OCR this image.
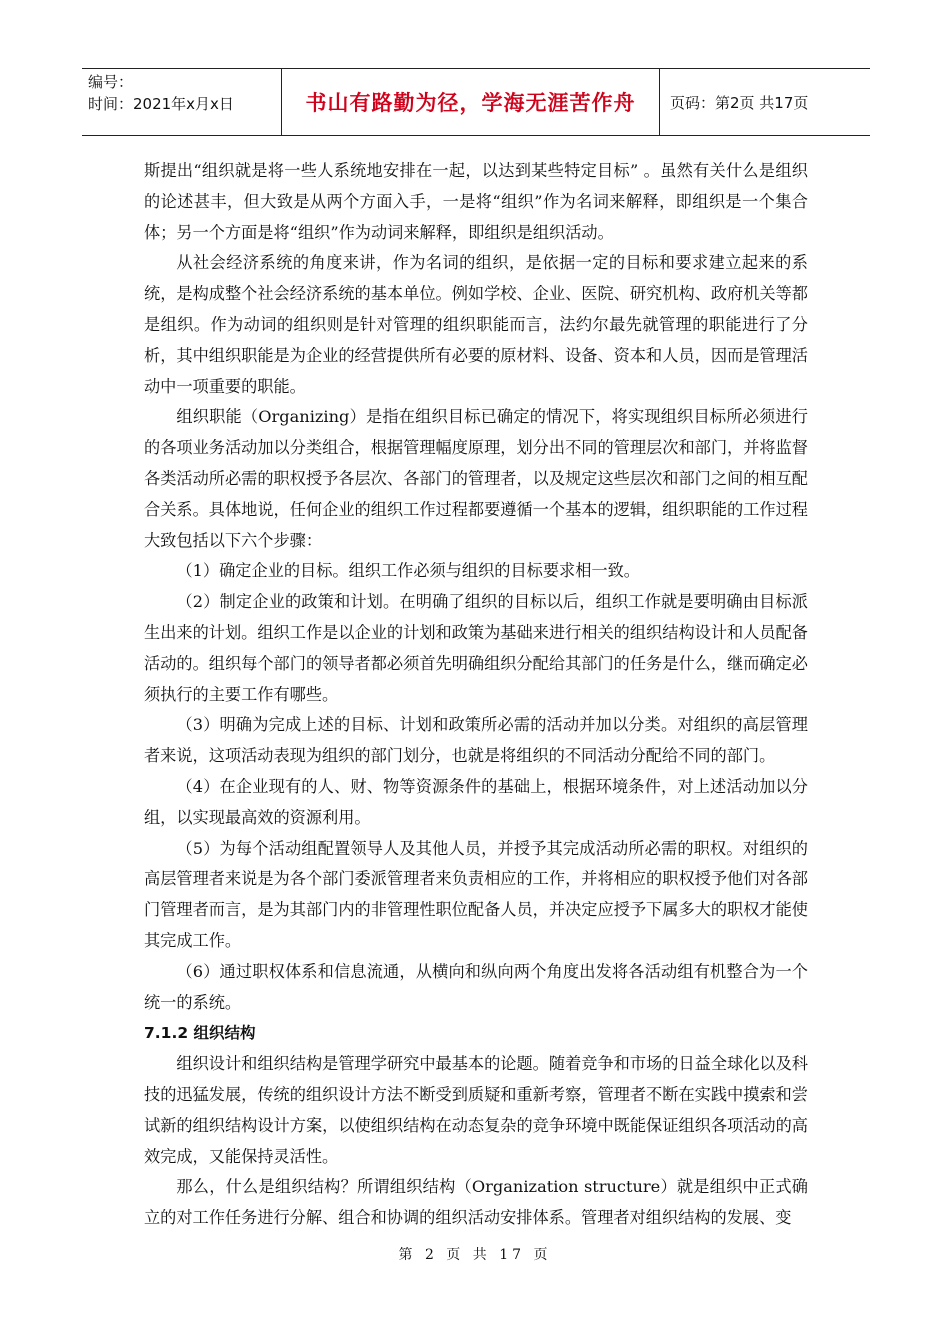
编号：
时间：2021年x月x日	书山有路勤为径，学海无涯苦作舟	页码：第2页 共17页

斯提出“组织就是将一些人系统地安排在一起，以达到某些特定目标” 。虽然有关什么是组织的论述甚丰，但大致是从两个方面入手，一是将“组织”作为名词来解释，即组织是一个集合体；另一个方面是将“组织”作为动词来解释，即组织是组织活动。

从社会经济系统的角度来讲，作为名词的组织，是依据一定的目标和要求建立起来的系统，是构成整个社会经济系统的基本单位。例如学校、企业、医院、研究机构、政府机关等都是组织。作为动词的组织则是针对管理的组织职能而言，法约尔最先就管理的职能进行了分析，其中组织职能是为企业的经营提供所有必要的原材料、设备、资本和人员，因而是管理活动中一项重要的职能。

组织职能（Organizing）是指在组织目标已确定的情况下，将实现组织目标所必须进行的各项业务活动加以分类组合，根据管理幅度原理，划分出不同的管理层次和部门，并将监督各类活动所必需的职权授予各层次、各部门的管理者，以及规定这些层次和部门之间的相互配合关系。具体地说，任何企业的组织工作过程都要遵循一个基本的逻辑，组织职能的工作过程大致包括以下六个步骤：

（1）确定企业的目标。组织工作必须与组织的目标要求相一致。

（2）制定企业的政策和计划。在明确了组织的目标以后，组织工作就是要明确由目标派生出来的计划。组织工作是以企业的计划和政策为基础来进行相关的组织结构设计和人员配备活动的。组织每个部门的领导者都必须首先明确组织分配给其部门的任务是什么，继而确定必须执行的主要工作有哪些。

（3）明确为完成上述的目标、计划和政策所必需的活动并加以分类。对组织的高层管理者来说，这项活动表现为组织的部门划分，也就是将组织的不同活动分配给不同的部门。

（4）在企业现有的人、财、物等资源条件的基础上，根据环境条件，对上述活动加以分组，以实现最高效的资源利用。

（5）为每个活动组配置领导人及其他人员，并授予其完成活动所必需的职权。对组织的高层管理者来说是为各个部门委派管理者来负责相应的工作，并将相应的职权授予他们对各部门管理者而言，是为其部门内的非管理性职位配备人员，并决定应授予下属多大的职权才能使其完成工作。

（6）通过职权体系和信息流通，从横向和纵向两个角度出发将各活动组有机整合为一个统一的系统。

7.1.2 组织结构

组织设计和组织结构是管理学研究中最基本的论题。随着竞争和市场的日益全球化以及科技的迅猛发展，传统的组织设计方法不断受到质疑和重新考察，管理者不断在实践中摸索和尝试新的组织结构设计方案，以使组织结构在动态复杂的竞争环境中既能保证组织各项活动的高效完成，又能保持灵活性。

那么，什么是组织结构？所谓组织结构（Organization structure）就是组织中正式确立的对工作任务进行分解、组合和协调的组织活动安排体系。管理者对组织结构的发展、变

第 2 页 共 17 页
